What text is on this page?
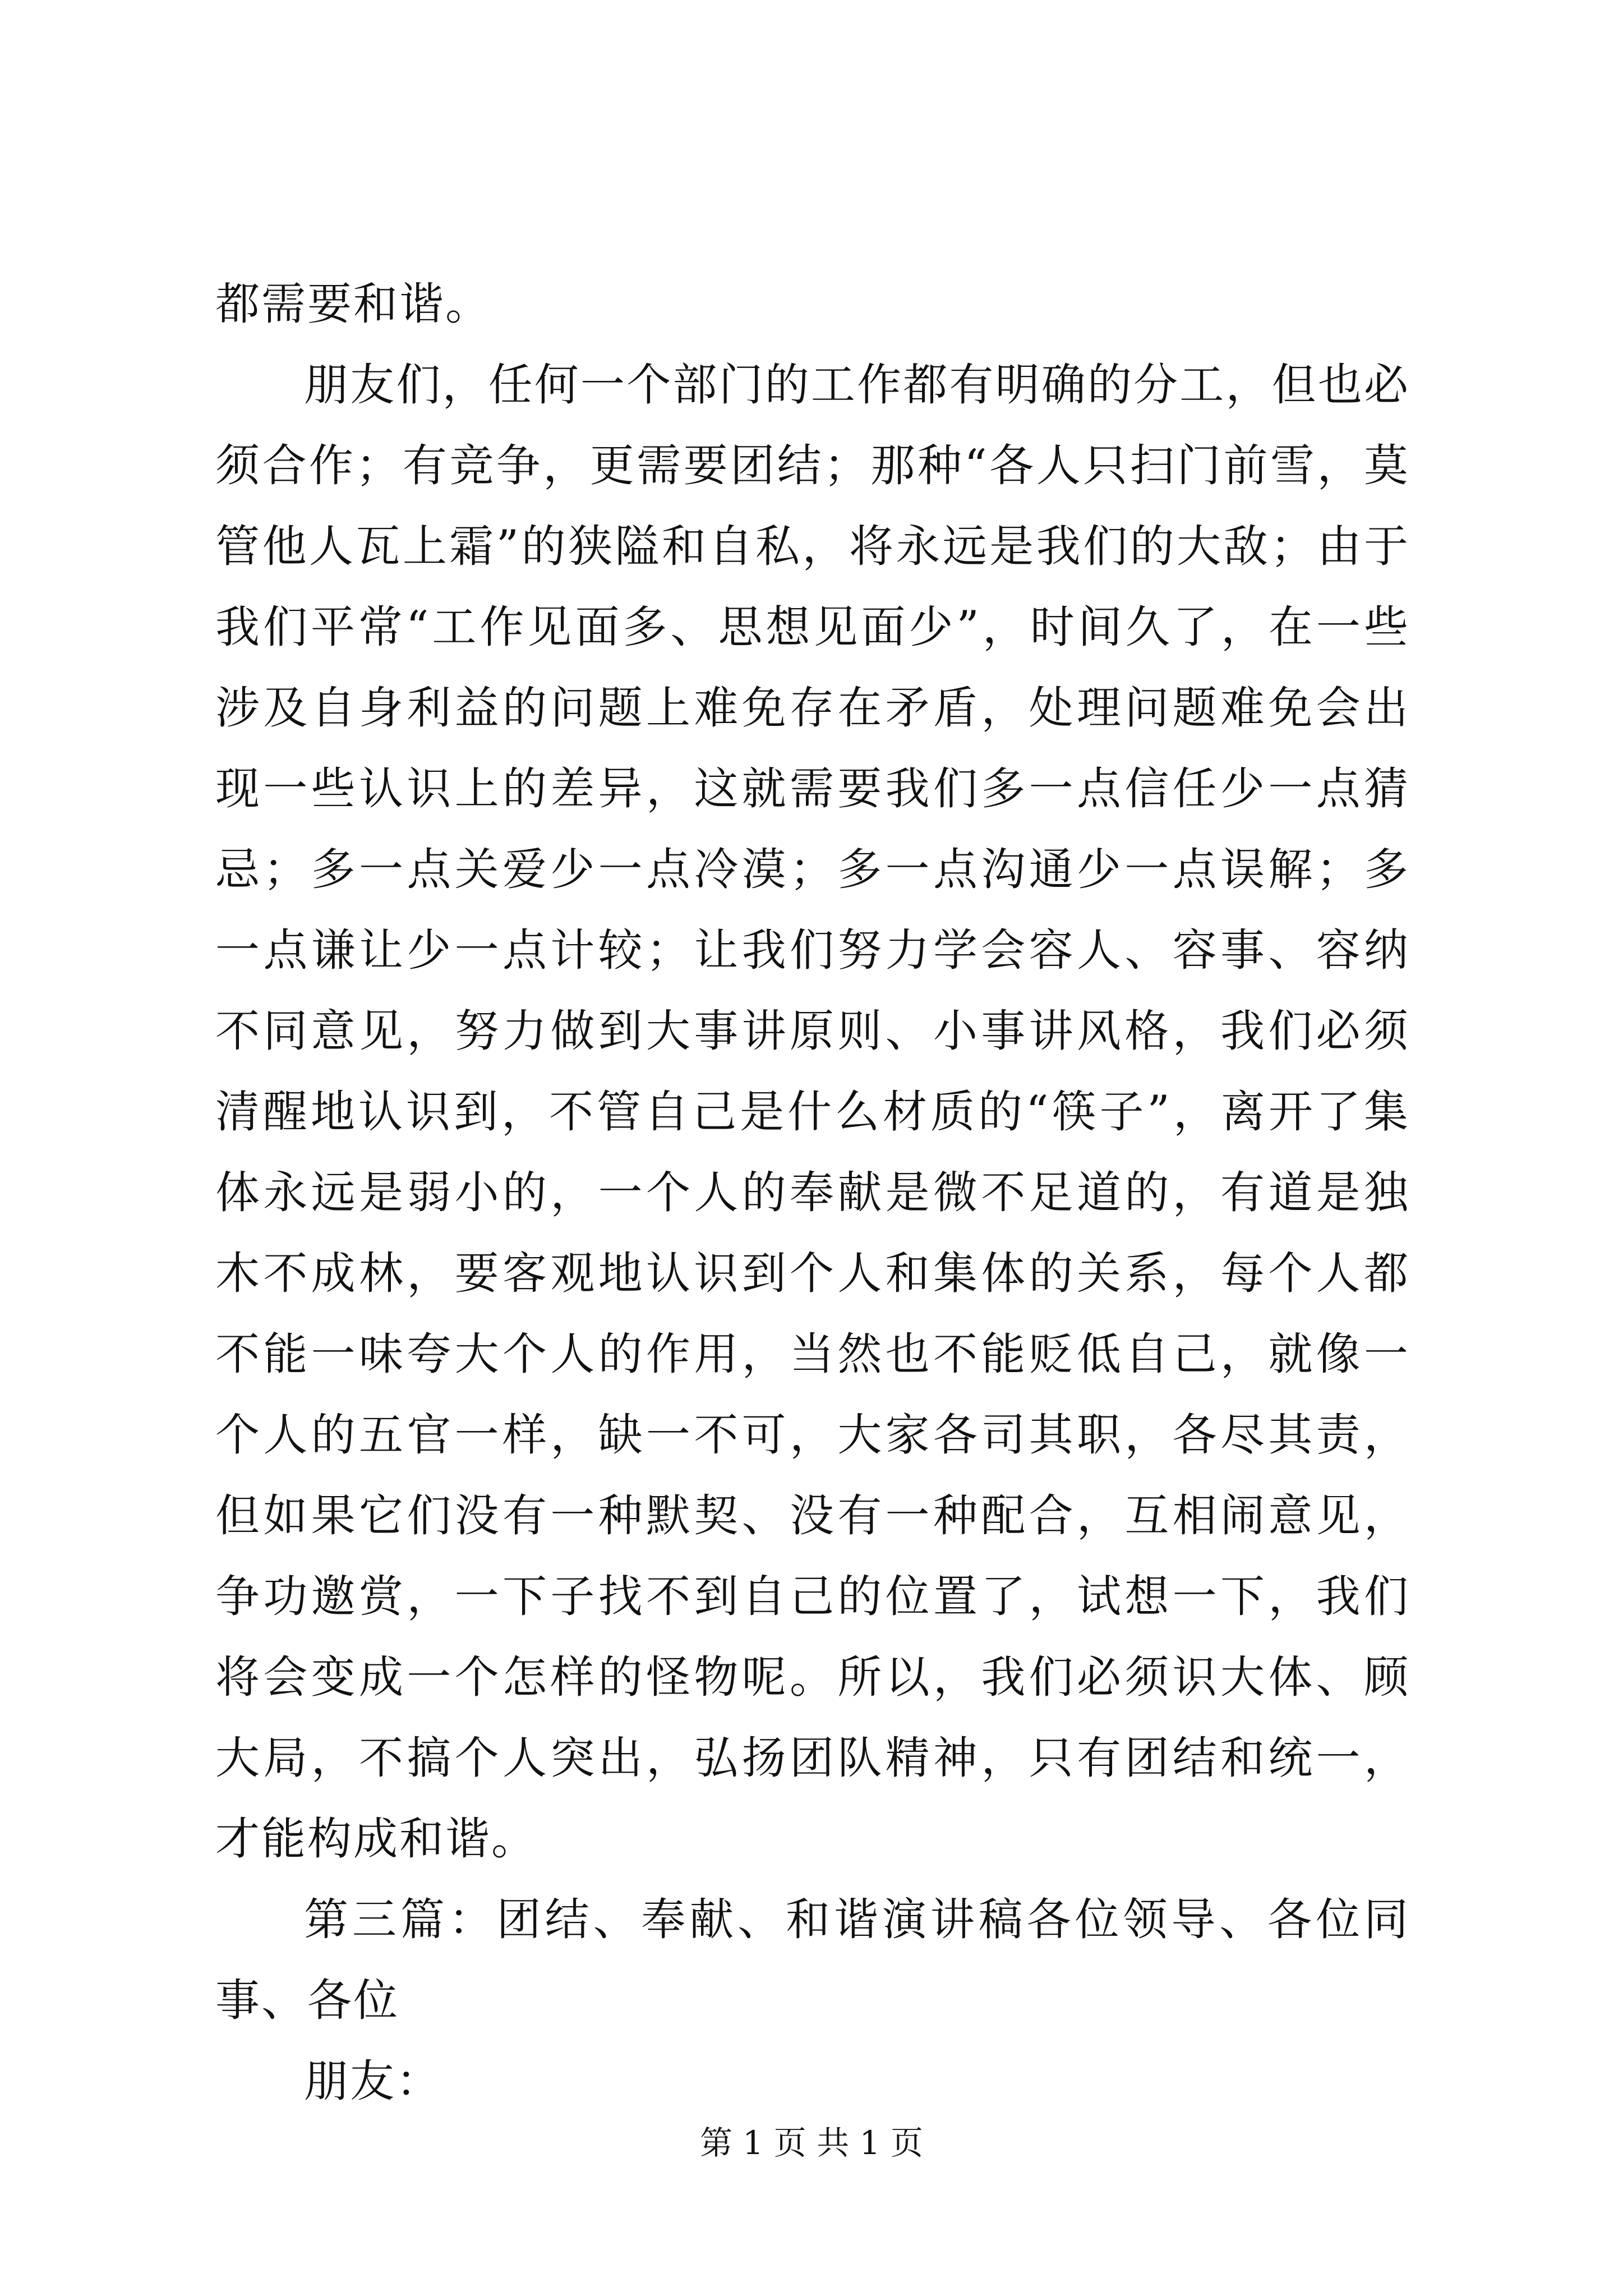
都需要和谐。

朋友们，任何一个部门的工作都有明确的分工，但也必须合作；有竞争，更需要团结；那种“各人只扫门前雪，莫管他人瓦上霜”的狭隘和自私，将永远是我们的大敌；由于我们平常“工作见面多、思想见面少”，时间久了，在一些涉及自身利益的问题上难免存在矛盾，处理问题难免会出现一些认识上的差异，这就需要我们多一点信任少一点猜忌；多一点关爱少一点冷漠；多一点沟通少一点误解；多一点谦让少一点计较；让我们努力学会容人、容事、容纳不同意见，努力做到大事讲原则、小事讲风格，我们必须清醒地认识到，不管自己是什么材质的“筷子”，离开了集体永远是弱小的，一个人的奉献是微不足道的，有道是独木不成林，要客观地认识到个人和集体的关系，每个人都不能一味夸大个人的作用，当然也不能贬低自己，就像一个人的五官一样，缺一不可，大家各司其职，各尽其责，但如果它们没有一种默契、没有一种配合，互相闹意见，争功邀赏，一下子找不到自己的位置了，试想一下，我们将会变成一个怎样的怪物呢。所以，我们必须识大体、顾大局，不搞个人突出，弘扬团队精神，只有团结和统一，才能构成和谐。

第三篇：团结、奉献、和谐演讲稿各位领导、各位同事、各位

朋友：

第 1 页 共 1 页
